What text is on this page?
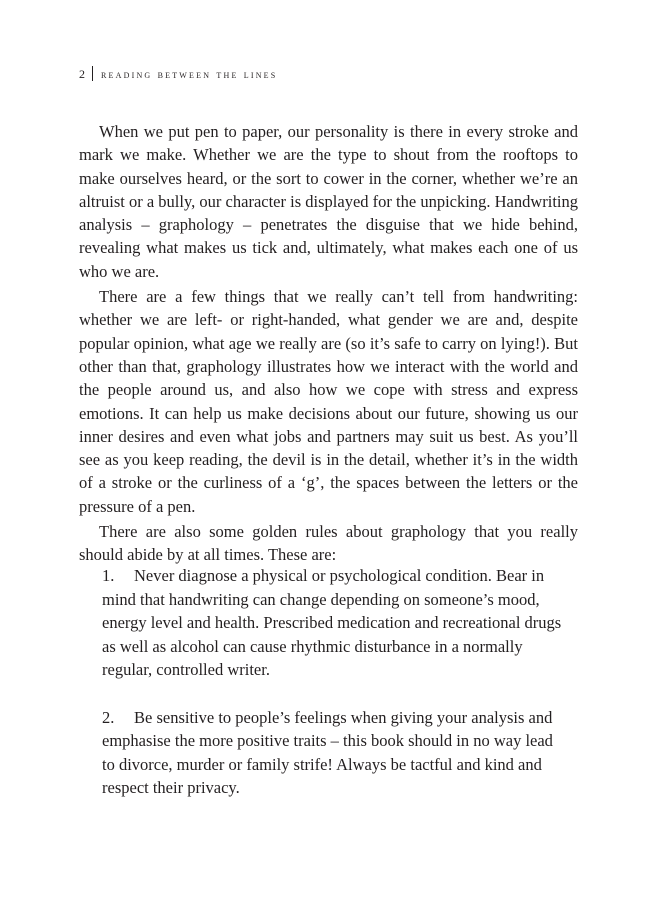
2 reading between the lines

When we put pen to paper, our personality is there in every stroke and mark we make. Whether we are the type to shout from the rooftops to make ourselves heard, or the sort to cower in the corner, whether we’re an altruist or a bully, our character is displayed for the unpicking. Handwriting analysis – graphology – penetrates the disguise that we hide behind, revealing what makes us tick and, ultimately, what makes each one of us who we are.

There are a few things that we really can’t tell from handwriting: whether we are left- or right-handed, what gender we are and, despite popular opinion, what age we really are (so it’s safe to carry on lying!). But other than that, graphology illustrates how we interact with the world and the people around us, and also how we cope with stress and express emotions. It can help us make decisions about our future, showing us our inner desires and even what jobs and partners may suit us best. As you’ll see as you keep reading, the devil is in the detail, whether it’s in the width of a stroke or the curliness of a ‘g’, the spaces between the letters or the pressure of a pen.

There are also some golden rules about graphology that you really should abide by at all times. These are:

1. Never diagnose a physical or psychological condition. Bear in mind that handwriting can change depending on someone’s mood, energy level and health. Prescribed medication and recreational drugs as well as alcohol can cause rhythmic disturbance in a normally regular, controlled writer.
2. Be sensitive to people’s feelings when giving your analysis and emphasise the more positive traits – this book should in no way lead to divorce, murder or family strife! Always be tactful and kind and respect their privacy.
